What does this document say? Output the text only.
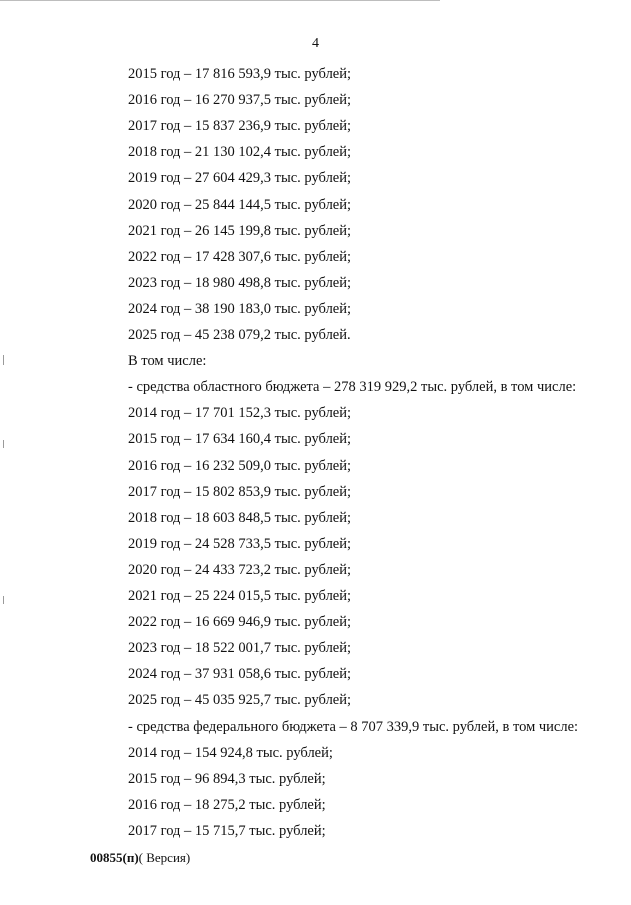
4
2015 год – 17 816 593,9 тыс. рублей;
2016 год – 16 270 937,5 тыс. рублей;
2017 год – 15 837 236,9 тыс. рублей;
2018 год – 21 130 102,4 тыс. рублей;
2019 год – 27 604 429,3 тыс. рублей;
2020 год – 25 844 144,5 тыс. рублей;
2021 год – 26 145 199,8 тыс. рублей;
2022 год – 17 428 307,6 тыс. рублей;
2023 год – 18 980 498,8 тыс. рублей;
2024 год – 38 190 183,0 тыс. рублей;
2025 год – 45 238 079,2 тыс. рублей.
В том числе:
- средства областного бюджета – 278 319 929,2 тыс. рублей, в том числе:
2014 год – 17 701 152,3 тыс. рублей;
2015 год – 17 634 160,4 тыс. рублей;
2016 год – 16 232 509,0 тыс. рублей;
2017 год – 15 802 853,9 тыс. рублей;
2018 год – 18 603 848,5 тыс. рублей;
2019 год – 24 528 733,5 тыс. рублей;
2020 год – 24 433 723,2 тыс. рублей;
2021 год – 25 224 015,5 тыс. рублей;
2022 год – 16 669 946,9 тыс. рублей;
2023 год – 18 522 001,7 тыс. рублей;
2024 год – 37 931 058,6 тыс. рублей;
2025 год – 45 035 925,7 тыс. рублей;
- средства федерального бюджета – 8 707 339,9 тыс. рублей, в том числе:
2014 год – 154 924,8 тыс. рублей;
2015 год – 96 894,3 тыс. рублей;
2016 год – 18 275,2 тыс. рублей;
2017 год – 15 715,7 тыс. рублей;
00855(п)( Версия)
